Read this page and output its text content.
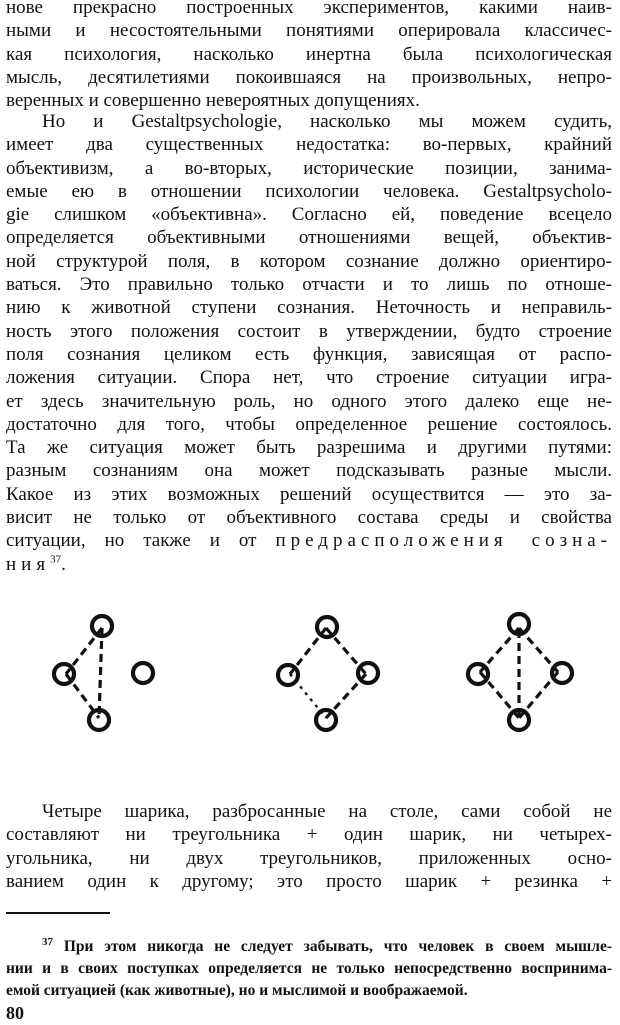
нове прекрасно построенных экспериментов, какими наив-
ными и несостоятельными понятиями оперировала классичес-
кая психология, насколько инертна была психологическая
мысль, десятилетиями покоившаяся на произвольных, непро-
веренных и совершенно невероятных допущениях.
Но и Gestaltpsychologie, насколько мы можем судить,
имеет два существенных недостатка: во-первых, крайний
объективизм, а во-вторых, исторические позиции, занима-
емые ею в отношении психологии человека. Gestaltpsycholo-
gie слишком «объективна». Согласно ей, поведение всецело
определяется объективными отношениями вещей, объектив-
ной структурой поля, в котором сознание должно ориентиро-
ваться. Это правильно только отчасти и то лишь по отноше-
нию к животной ступени сознания. Неточность и неправиль-
ность этого положения состоит в утверждении, будто строение
поля сознания целиком есть функция, зависящая от распо-
ложения ситуации. Спора нет, что строение ситуации игра-
ет здесь значительную роль, но одного этого далеко еще не-
достаточно для того, чтобы определенное решение состоялось.
Та же ситуация может быть разрешима и другими путями:
разным сознаниям она может подсказывать разные мысли.
Какое из этих возможных решений осуществится — это за-
висит не только от объективного состава среды и свойства
ситуации, но также и от предрасположения созна-
ния$^{37}$.
Четыре шарика, разбросанные на столе, сами собой не
составляют ни треугольника + один шарик, ни четырех-
угольника, ни двух треугольников, приложенных осно-
ванием один к другому; это просто шарик + резинка +
$^{37}$ При этом никогда не следует забывать, что человек в своем мышле-
нии и в своих поступках определяется не только непосредственно воспринима-
емой ситуацией (как животные), но и мыслимой и воображаемой.
80
